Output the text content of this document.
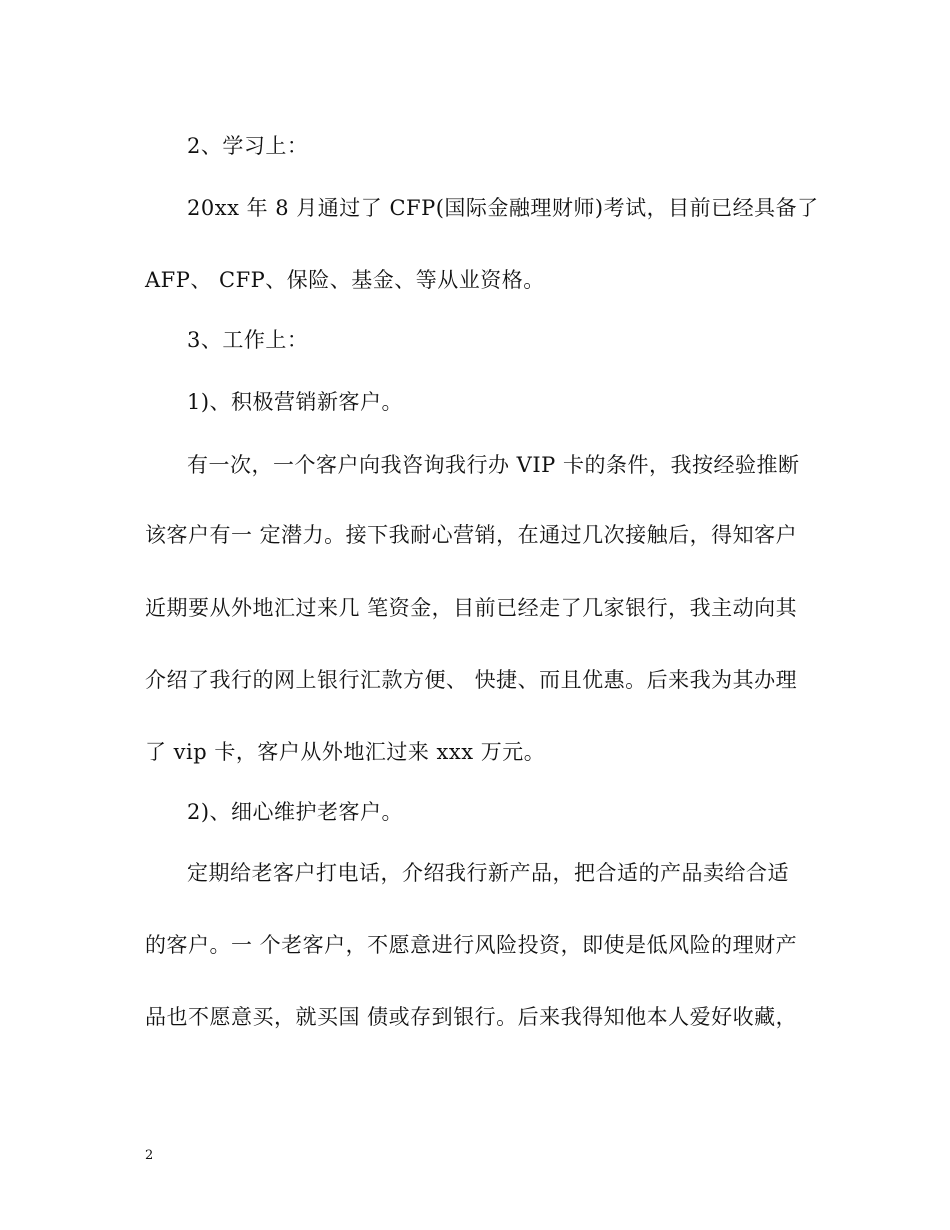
2、学习上：
20xx 年 8 月通过了 CFP(国际金融理财师)考试，目前已经具备了
AFP、 CFP、保险、基金、等从业资格。
3、工作上：
1)、积极营销新客户。
有一次，一个客户向我咨询我行办 VIP 卡的条件，我按经验推断
该客户有一 定潜力。接下我耐心营销，在通过几次接触后，得知客户
近期要从外地汇过来几 笔资金，目前已经走了几家银行，我主动向其
介绍了我行的网上银行汇款方便、 快捷、而且优惠。后来我为其办理
了 vip 卡，客户从外地汇过来 xxx 万元。
2)、细心维护老客户。
定期给老客户打电话，介绍我行新产品，把合适的产品卖给合适
的客户。一 个老客户，不愿意进行风险投资，即使是低风险的理财产
品也不愿意买，就买国 债或存到银行。后来我得知他本人爱好收藏，
2
